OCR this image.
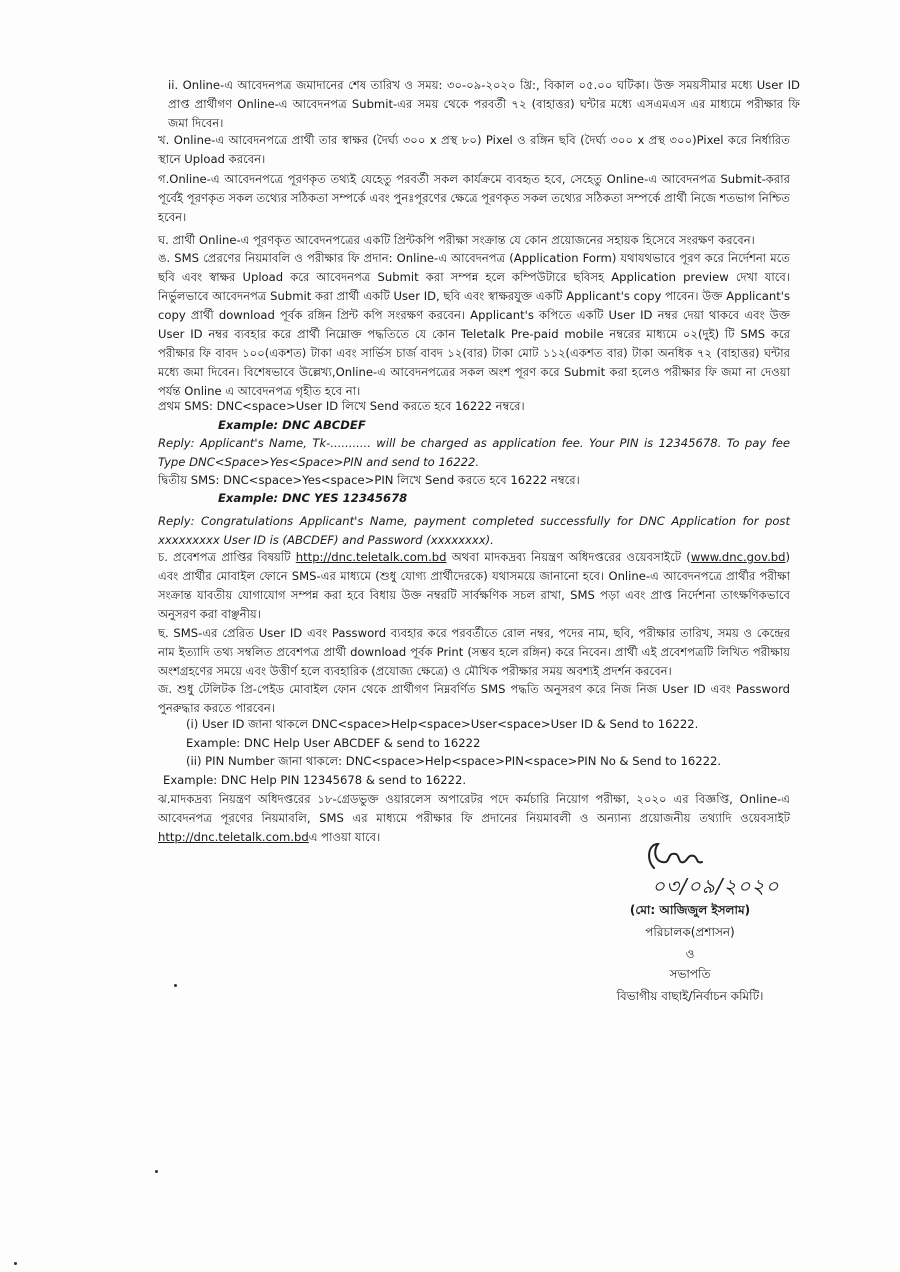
ii. Online-এ আবেদনপত্র জমাদানের শেষ তারিখ ও সময়: ৩০-০৯-২০২০ খ্রি:, বিকাল ০৫.০০ ঘটিকা। উক্ত সময়সীমার মধ্যে User ID প্রাপ্ত প্রার্থীগণ Online-এ আবেদনপত্র Submit-এর সময় থেকে পরবর্তী ৭২ (বাহাত্তর) ঘন্টার মধ্যে এসএমএস এর মাধ্যমে পরীক্ষার ফি জমা দিবেন।

খ. Online-এ আবেদনপত্রে প্রার্থী তার স্বাক্ষর (দৈর্ঘ্য ৩০০ x প্রস্থ ৮০) Pixel ও রঙ্গিন ছবি (দৈর্ঘ্য ৩০০ x প্রস্থ ৩০০)Pixel করে নির্ধারিত স্থানে Upload করবেন।

গ.Online-এ আবেদনপত্রে পূরণকৃত তথ্যই যেহেতু পরবর্তী সকল কার্যক্রমে ব্যবহৃত হবে, সেহেতু Online-এ আবেদনপত্র Submit-করার পূর্বেই পূরণকৃত সকল তথ্যের সঠিকতা সম্পর্কে এবং পুনঃপূরণের ক্ষেত্রে পূরণকৃত সকল তথ্যের সঠিকতা সম্পর্কে প্রার্থী নিজে শতভাগ নিশ্চিত হবেন।

ঘ. প্রার্থী Online-এ পূরণকৃত আবেদনপত্রের একটি প্রিন্টকপি পরীক্ষা সংক্রান্ত যে কোন প্রয়োজনের সহায়ক হিসেবে সংরক্ষণ করবেন।

ঙ. SMS প্রেরণের নিয়মাবলি ও পরীক্ষার ফি প্রদান: Online-এ আবেদনপত্র (Application Form) যথাযথভাবে পূরণ করে নির্দেশনা মতে ছবি এবং স্বাক্ষর Upload করে আবেদনপত্র Submit করা সম্পন্ন হলে কম্পিউটারে ছবিসহ Application preview দেখা যাবে। নির্ভুলভাবে আবেদনপত্র Submit করা প্রার্থী একটি User ID, ছবি এবং স্বাক্ষরযুক্ত একটি Applicant's copy পাবেন। উক্ত Applicant's copy প্রার্থী download পূর্বক রঙ্গিন প্রিন্ট কপি সংরক্ষণ করবেন। Applicant's কপিতে একটি User ID নম্বর দেয়া থাকবে এবং উক্ত User ID নম্বর ব্যবহার করে প্রার্থী নিম্নোক্ত পদ্ধতিতে যে কোন Teletalk Pre-paid mobile নম্বরের মাধ্যমে ০২(দুই) টি SMS করে পরীক্ষার ফি বাবদ ১০০(একশত) টাকা এবং সার্ভিস চার্জ বাবদ ১২(বার) টাকা মোট ১১২(একশত বার) টাকা অনধিক ৭২ (বাহাত্তর) ঘন্টার মধ্যে জমা দিবেন। বিশেষভাবে উল্লেখ্য,Online-এ আবেদনপত্রের সকল অংশ পূরণ করে Submit করা হলেও পরীক্ষার ফি জমা না দেওয়া পর্যন্ত Online এ আবেদনপত্র গৃহীত হবে না।

প্রথম SMS: DNC<space>User ID লিখে Send করতে হবে 16222 নম্বরে।

Example: DNC ABCDEF

Reply: Applicant's Name, Tk-........... will be charged as application fee. Your PIN is 12345678. To pay fee Type DNC<Space>Yes<Space>PIN and send to 16222.

দ্বিতীয় SMS: DNC<space>Yes<space>PIN লিখে Send করতে হবে 16222 নম্বরে।

Example: DNC YES 12345678

Reply: Congratulations Applicant's Name, payment completed successfully for DNC Application for post xxxxxxxxx User ID is (ABCDEF) and Password (xxxxxxxx).

চ. প্রবেশপত্র প্রাপ্তির বিষয়টি http://dnc.teletalk.com.bd অথবা মাদকদ্রব্য নিয়ন্ত্রণ অধিদপ্তরের ওয়েবসাইটে (www.dnc.gov.bd) এবং প্রার্থীর মোবাইল ফোনে SMS-এর মাধ্যমে (শুধু যোগ্য প্রার্থীদেরকে) যথাসময়ে জানানো হবে। Online-এ আবেদনপত্রে প্রার্থীর পরীক্ষা সংক্রান্ত যাবতীয় যোগাযোগ সম্পন্ন করা হবে বিধায় উক্ত নম্বরটি সার্বক্ষণিক সচল রাখা, SMS পড়া এবং প্রাপ্ত নির্দেশনা তাৎক্ষণিকভাবে অনুসরণ করা বাঞ্ছনীয়।

ছ. SMS-এর প্রেরিত User ID এবং Password ব্যবহার করে পরবর্তীতে রোল নম্বর, পদের নাম, ছবি, পরীক্ষার তারিখ, সময় ও কেন্দ্রের নাম ইত্যাদি তথ্য সম্বলিত প্রবেশপত্র প্রার্থী download পূর্বক Print (সম্ভব হলে রঙ্গিন) করে নিবেন। প্রার্থী এই প্রবেশপত্রটি লিখিত পরীক্ষায় অংশগ্রহণের সময়ে এবং উত্তীর্ণ হলে ব্যবহারিক (প্রযোজ্য ক্ষেত্রে) ও মৌখিক পরীক্ষার সময় অবশ্যই প্রদর্শন করবেন।

জ. শুধু টেলিটক প্রি-পেইড মোবাইল ফোন থেকে প্রার্থীগণ নিম্নবর্ণিত SMS পদ্ধতি অনুসরণ করে নিজ নিজ User ID এবং Password পুনরুদ্ধার করতে পারবেন।

(i) User ID জানা থাকলে DNC<space>Help<space>User<space>User ID & Send to 16222.

Example: DNC Help User ABCDEF & send to 16222

(ii) PIN Number জানা থাকলে: DNC<space>Help<space>PIN<space>PIN No & Send to 16222.

Example: DNC Help PIN 12345678 & send to 16222.

ঝ.মাদকদ্রব্য নিয়ন্ত্রণ অধিদপ্তরের ১৮-গ্রেডভুক্ত ওয়ারলেস অপারেটর পদে কর্মচারি নিয়োগ পরীক্ষা, ২০২০ এর বিজ্ঞপ্তি, Online-এ আবেদনপত্র পূরণের নিয়মাবলি, SMS এর মাধ্যমে পরীক্ষার ফি প্রদানের নিয়মাবলী ও অন্যান্য প্রয়োজনীয় তথ্যাদি ওয়েবসাইট http://dnc.teletalk.com.bdএ পাওয়া যাবে।

০৩/০৯/২০২০
(মো: আজিজুল ইসলাম)
পরিচালক(প্রশাসন)
ও
সভাপতি
বিভাগীয় বাছাই/নির্বাচন কমিটি।
